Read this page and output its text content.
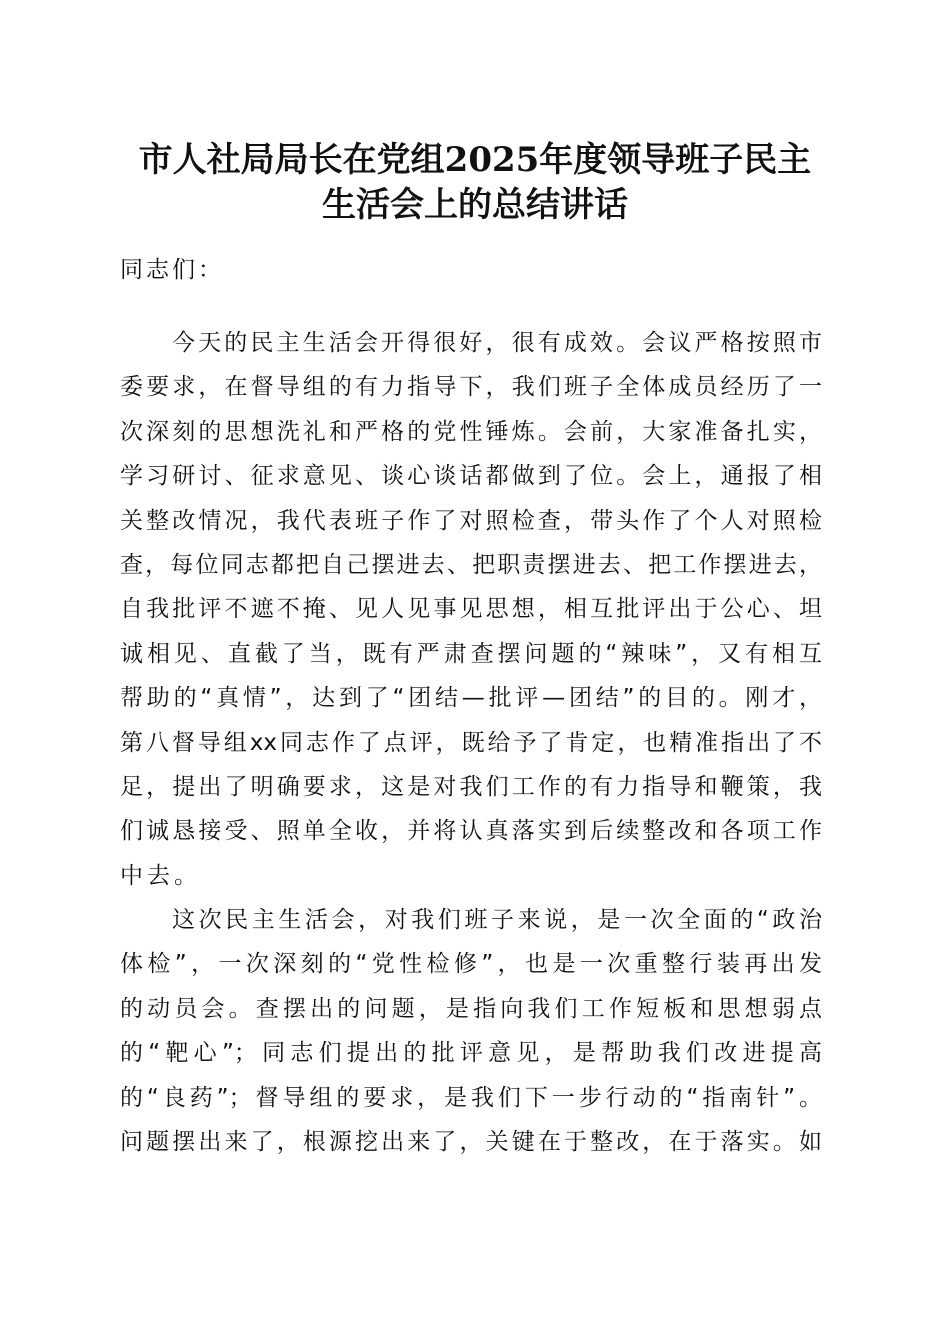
市人社局局长在党组2025年度领导班子民主
生活会上的总结讲话
同志们：
今天的民主生活会开得很好，很有成效。会议严格按照市
委要求，在督导组的有力指导下，我们班子全体成员经历了一
次深刻的思想洗礼和严格的党性锤炼。会前，大家准备扎实，
学习研讨、征求意见、谈心谈话都做到了位。会上，通报了相
关整改情况，我代表班子作了对照检查，带头作了个人对照检
查，每位同志都把自己摆进去、把职责摆进去、把工作摆进去，
自我批评不遮不掩、见人见事见思想，相互批评出于公心、坦
诚相见、直截了当，既有严肃查摆问题的“辣味”，又有相互
帮助的“真情”，达到了“团结—批评—团结”的目的。刚才，
第八督导组xx同志作了点评，既给予了肯定，也精准指出了不
足，提出了明确要求，这是对我们工作的有力指导和鞭策，我
们诚恳接受、照单全收，并将认真落实到后续整改和各项工作
中去。
这次民主生活会，对我们班子来说，是一次全面的“政治
体检”，一次深刻的“党性检修”，也是一次重整行装再出发
的动员会。查摆出的问题，是指向我们工作短板和思想弱点
的“靶心”；同志们提出的批评意见，是帮助我们改进提高
的“良药”；督导组的要求，是我们下一步行动的“指南针”。
问题摆出来了，根源挖出来了，关键在于整改，在于落实。如
